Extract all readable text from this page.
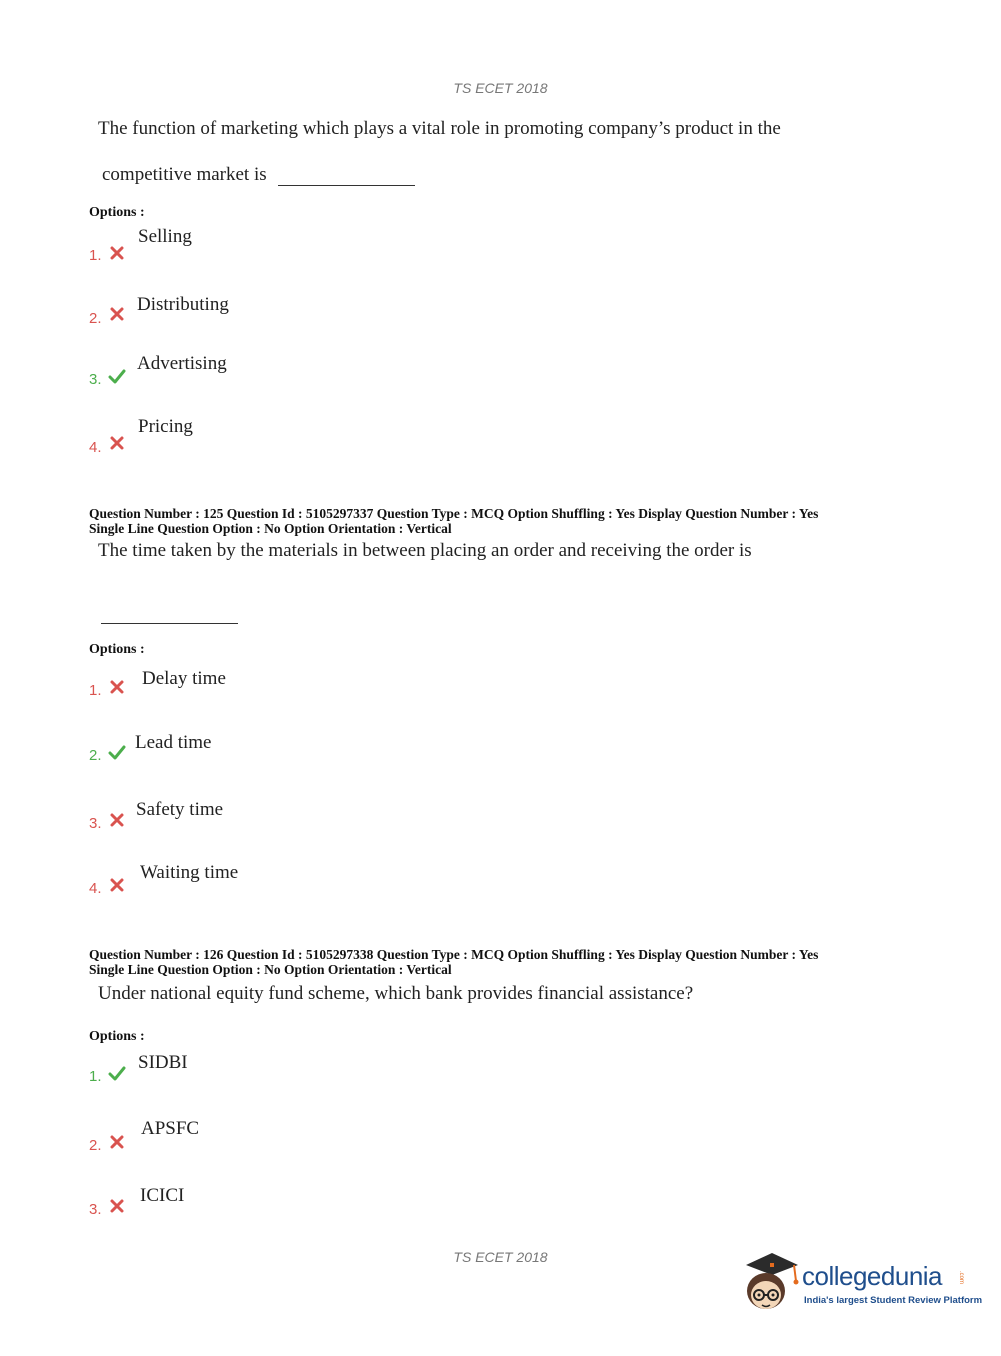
TS ECET 2018
The function of marketing which plays a vital role in promoting company’s product in the
competitive market is
Options :
1.
Selling
2.
Distributing
3.
Advertising
4.
Pricing
Question Number : 125 Question Id : 5105297337 Question Type : MCQ Option Shuffling : Yes Display Question Number : Yes
Single Line Question Option : No Option Orientation : Vertical
The time taken by the materials in between placing an order and receiving the order is
Options :
1.
Delay time
2.
Lead time
3.
Safety time
4.
Waiting time
Question Number : 126 Question Id : 5105297338 Question Type : MCQ Option Shuffling : Yes Display Question Number : Yes
Single Line Question Option : No Option Orientation : Vertical
Under national equity fund scheme, which bank provides financial assistance?
Options :
1.
SIDBI
2.
APSFC
3.
ICICI
TS ECET 2018
collegedunia	.com
India's largest Student Review Platform
